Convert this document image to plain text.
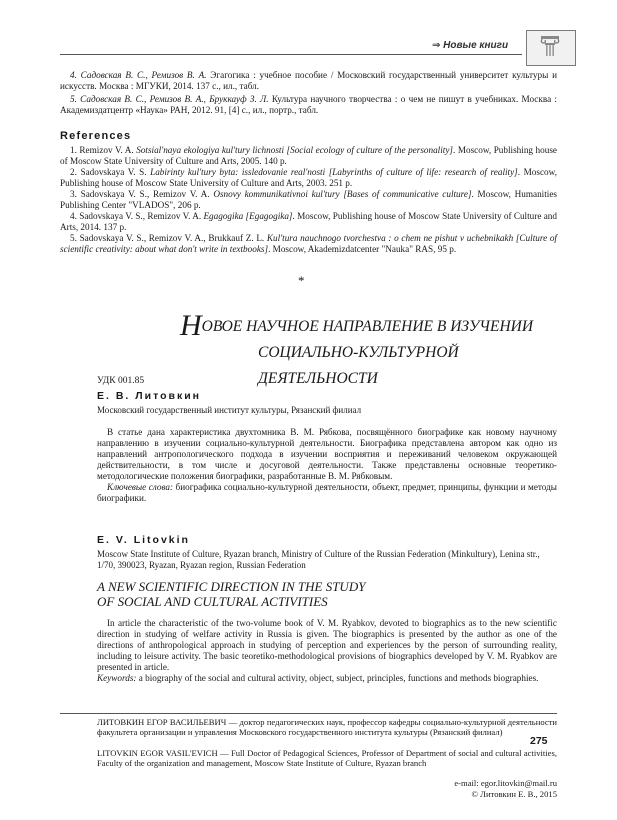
⇒ Новые книги

4. Садовская В. С., Ремизов В. А. Эгагогика : учебное пособие / Московский государственный университет культуры и искусств. Москва : МГУКИ, 2014. 137 с., ил., табл.

5. Садовская В. С., Ремизов В. А., Бруккауф З. Л. Культура научного творчества : о чем не пишут в учебниках. Москва : Академиздатцентр «Наука» РАН, 2012. 91, [4] с., ил., портр., табл.

References

1. Remizov V. A. Sotsial'naya ekologiya kul'tury lichnosti [Social ecology of culture of the personality]. Moscow, Publishing house of Moscow State University of Culture and Arts, 2005. 140 p.

2. Sadovskaya V. S. Labirinty kul'tury byta: issledovanie real'nosti [Labyrinths of culture of life: research of reality]. Moscow, Publishing house of Moscow State University of Culture and Arts, 2003. 251 p.

3. Sadovskaya V. S., Remizov V. A. Osnovy kommunikativnoi kul'tury [Bases of communicative culture]. Moscow, Humanities Publishing Center "VLADOS", 206 p.

4. Sadovskaya V. S., Remizov V. A. Egagogika [Egagogika]. Moscow, Publishing house of Moscow State University of Culture and Arts, 2014. 137 p.

5. Sadovskaya V. S., Remizov V. A., Brukkauf Z. L. Kul'tura nauchnogo tvorchestva : o chem ne pishut v uchebnikakh [Culture of scientific creativity: about what don't write in textbooks]. Moscow, Akademizdatcenter "Nauka" RAS, 95 p.

*
НОВОЕ НАУЧНОЕ НАПРАВЛЕНИЕ В ИЗУЧЕНИИ
СОЦИАЛЬНО-КУЛЬТУРНОЙ ДЕЯТЕЛЬНОСТИ
УДК 001.85
Е. В. Литовкин
Московский государственный институт культуры, Рязанский филиал

В статье дана характеристика двухтомника В. М. Рябкова, посвящённого биографике как новому научному направлению в изучении социально-культурной деятельности. Биографика представлена автором как одно из направлений антропологического подхода в изучении восприятия и переживаний человеком окружающей действительности, в том числе и досуговой деятельности. Также представлены основные теоретико-методологические положения биографики, разработанные В. М. Рябковым.

Ключевые слова: биографика социально-культурной деятельности, объект, предмет, принципы, функции и методы биографики.

E. V. Litovkin
Moscow State Institute of Culture, Ryazan branch, Ministry of Culture of the Russian Federation (Minkultury), Lenina str., 1/70, 390023, Ryazan, Ryazan region, Russian Federation
A NEW SCIENTIFIC DIRECTION IN THE STUDY
OF SOCIAL AND CULTURAL ACTIVITIES

In article the characteristic of the two-volume book of V. M. Ryabkov, devoted to biographics as to the new scientific direction in studying of welfare activity in Russia is given. The biographics is presented by the author as one of the directions of anthropological approach in studying of perception and experiences by the person of surrounding reality, including to leisure activity. The basic teoretiko-methodological provisions of biographics developed by V. M. Ryabkov are presented in article.

Keywords: a biography of the social and cultural activity, object, subject, principles, functions and methods biographies.

ЛИТОВКИН ЕГОР ВАСИЛЬЕВИЧ — доктор педагогических наук, профессор кафедры социально-культурной деятельности факультета организации и управления Московского государственного института культуры (Рязанский филиал)
LITOVKIN EGOR VASIL'EVICH — Full Doctor of Pedagogical Sciences, Professor of Department of social and cultural activities, Faculty of the organization and management, Moscow State Institute of Culture, Ryazan branch
e-mail: egor.litovkin@mail.ru
© Литовкин Е. В., 2015
275
